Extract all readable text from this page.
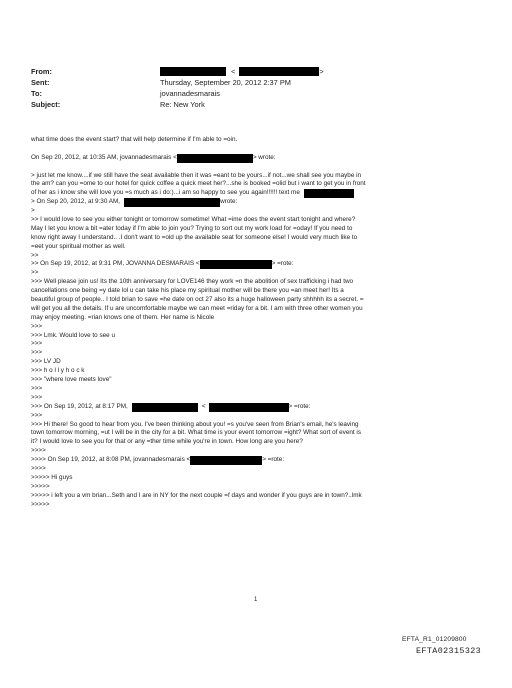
From:	<	>
Sent:	Thursday, September 20, 2012 2:37 PM
To:	jovannadesmarais
Subject:	Re: New York
what time does the event start? that will help determine if I'm able to =oin.
On Sep 20, 2012, at 10:35 AM, jovannadesmarais <	> wrote:
> just let me know....if we still have the seat available then it was =eant to be yours...if not...we shall see you maybe in
the am? can you =ome to our hotel for quick coffee a quick meet her?...she is booked =olid but i want to get you in front
of her as i know she will love you =s much as i do:)...i am so happy to see you again!!!!!! text me
> On Sep 20, 2012, at 9:30 AM,	wrote:
>
>> I would love to see you either tonight or tomorrow sometime! What =ime does the event start tonight and where?
May I let you know a bit =ater today if I'm able to join you? Trying to sort out my work load for =oday! If you need to
know right away I understand.. .I don't want to =old up the available seat for someone else! I would very much like to
=eet your spiritual mother as well.
>>
>> On Sep 19, 2012, at 9:31 PM, JOVANNA DESMARAIS <	> =rote:
>>
>>> Well please join us! Its the 10th anniversary for LOVE146 they work =n the abolition of sex trafficking i had two
cancellations one being =y date lol u can take his place my spiritual mother will be there you =an meet her! Its a
beautiful group of people.. I told brian to save =he date on oct 27 also its a huge halloween party shhhhh its a secret. =
will get you all the details. If u are uncomfortable maybe we can meet =riday for a bit. I am with three other women you
may enjoy meeting. =rian knows one of them. Her name is Nicole
>>>
>>> Lmk. Would love to see u
>>>
>>>
>>> LV JD
>>> h o l l y h o c k
>>> "where love meets love"
>>>
>>>
>>> On Sep 19, 2012, at 8:17 PM,	<	> =rote:
>>>
>>> Hi there! So good to hear from you. I've been thinking about you! =s you've seen from Brian's email, he's leaving
town tomorrow morning, =ut I will be in the city for a bit. What time is your event tomorrow =ight? What sort of event is
it? I would love to see you for that or any =ther time while you're in town. How long are you here?
>>>>
>>>> On Sep 19, 2012, at 8:08 PM, jovannadesmarais <	> =rote:
>>>>
>>>>> Hi guys
>>>>>
>>>>> i left you a vm brian...Seth and I are in NY for the next couple =f days and wonder if you guys are in town?..lmk
>>>>>
1
EFTA_R1_01209800
EFTA02315323
